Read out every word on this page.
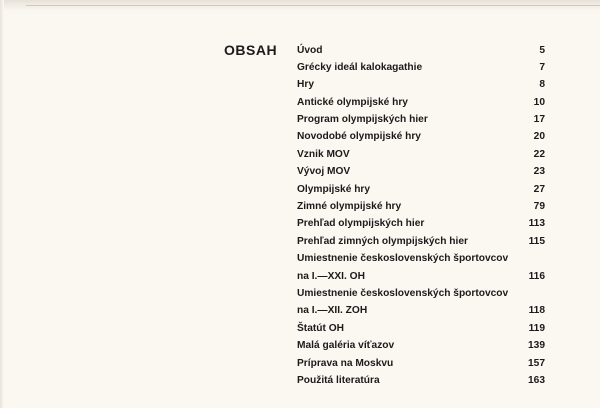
OBSAH Úvod	5
Grécky ideál kalokagathie	7
Hry	8
Antické olympijské hry	10
Program olympijských hier	17
Novodobé olympijské hry	20
Vznik MOV	22
Vývoj MOV	23
Olympijské hry	27
Zimné olympijské hry	79
Prehľad olympijských hier	113
Prehľad zimných olympijských hier	115
Umiestnenie československých športovcov
na I.—XXI. OH	116
Umiestnenie československých športovcov
na I.—XII. ZOH	118
Štatút OH	119
Malá galéria víťazov	139
Príprava na Moskvu	157
Použitá literatúra	163
